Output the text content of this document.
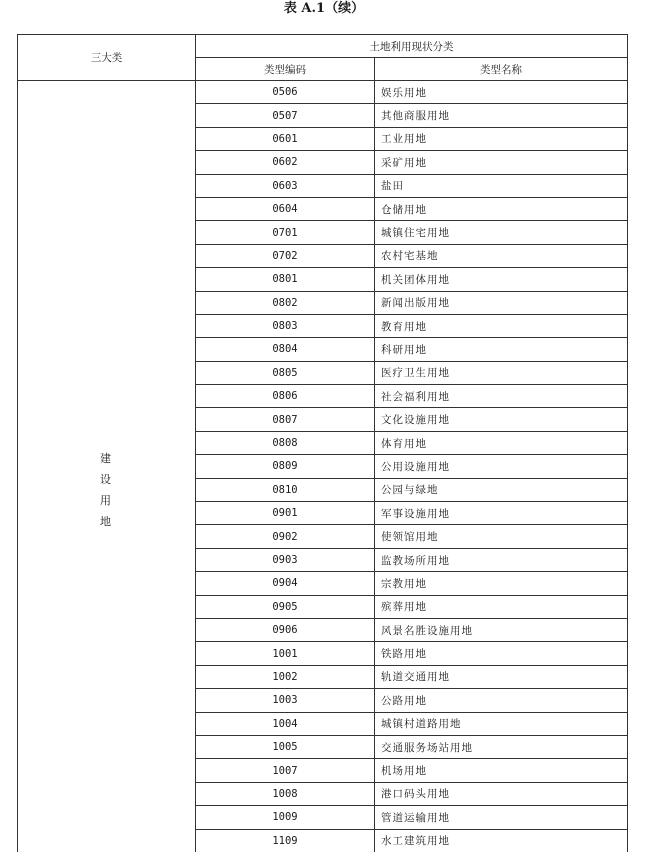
表 A.1（续）
三大类	土地利用现状分类	
	类型编码	类型名称
建设用地	0506	娱乐用地
	0507	其他商服用地
	0601	工业用地
	0602	采矿用地
	0603	盐田
	0604	仓储用地
	0701	城镇住宅用地
	0702	农村宅基地
	0801	机关团体用地
	0802	新闻出版用地
	0803	教育用地
	0804	科研用地
	0805	医疗卫生用地
	0806	社会福利用地
	0807	文化设施用地
	0808	体育用地
	0809	公用设施用地
	0810	公园与绿地
	0901	军事设施用地
	0902	使领馆用地
	0903	监教场所用地
	0904	宗教用地
	0905	殡葬用地
	0906	风景名胜设施用地
	1001	铁路用地
	1002	轨道交通用地
	1003	公路用地
	1004	城镇村道路用地
	1005	交通服务场站用地
	1007	机场用地
	1008	港口码头用地
	1009	管道运输用地
	1109	水工建筑用地
